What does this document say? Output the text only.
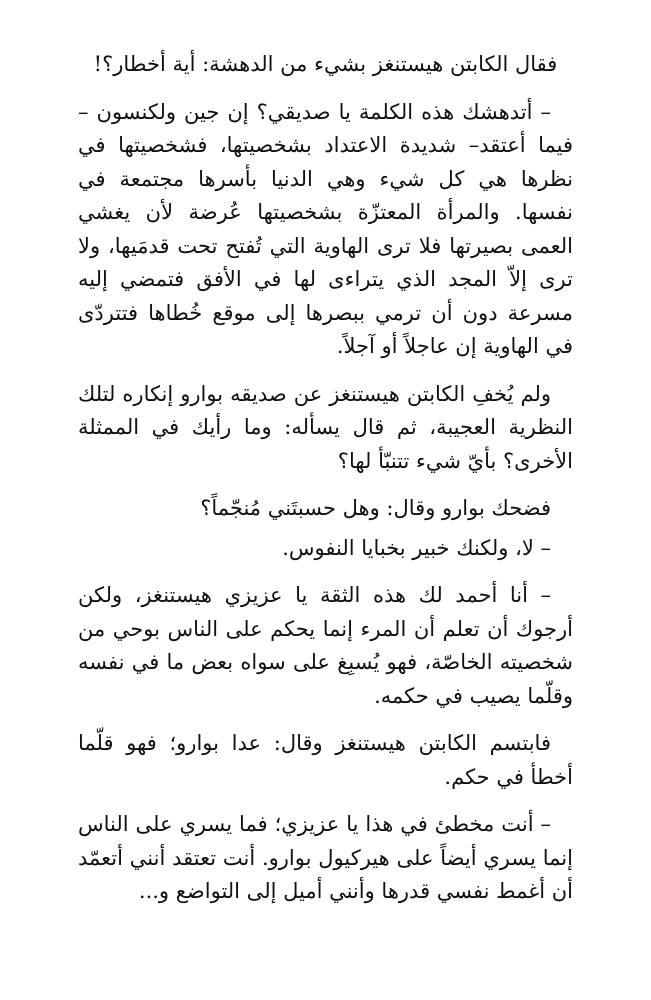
فقال الكابتن هيستنغز بشيء من الدهشة: أية أخطار؟!

– أتدهشك هذه الكلمة يا صديقي؟ إن جين ولكنسون –فيما أعتقد– شديدة الاعتداد بشخصيتها، فشخصيتها في نظرها هي كل شيء وهي الدنيا بأسرها مجتمعة في نفسها. والمرأة المعتزّة بشخصيتها عُرضة لأن يغشي العمى بصيرتها فلا ترى الهاوية التي تُفتح تحت قدمَيها، ولا ترى إلاّ المجد الذي يتراءى لها في الأفق فتمضي إليه مسرعة دون أن ترمي ببصرها إلى موقع خُطاها فتتردّى في الهاوية إن عاجلاً أو آجلاً.

ولم يُخفِ الكابتن هيستنغز عن صديقه بوارو إنكاره لتلك النظرية العجيبة، ثم قال يسأله: وما رأيك في الممثلة الأخرى؟ بأيّ شيء تتنبّأ لها؟

فضحك بوارو وقال: وهل حسبتَني مُنجّماً؟

– لا، ولكنك خبير بخبايا النفوس.

– أنا أحمد لك هذه الثقة يا عزيزي هيستنغز، ولكن أرجوك أن تعلم أن المرء إنما يحكم على الناس بوحي من شخصيته الخاصّة، فهو يُسبِغ على سواه بعض ما في نفسه وقلّما يصيب في حكمه.

فابتسم الكابتن هيستنغز وقال: عدا بوارو؛ فهو قلّما أخطأ في حكم.

– أنت مخطئ في هذا يا عزيزي؛ فما يسري على الناس إنما يسري أيضاً على هيركيول بوارو. أنت تعتقد أنني أتعمّد أن أغمط نفسي قدرها وأنني أميل إلى التواضع و...
